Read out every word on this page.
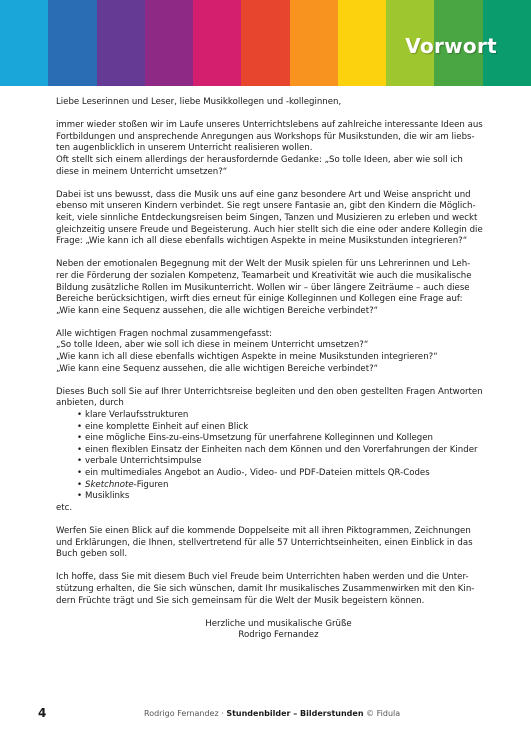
Vorwort

Liebe Leserinnen und Leser, liebe Musikkollegen und -kolleginnen,

immer wieder stoßen wir im Laufe unseres Unterrichtslebens auf zahlreiche interessante Ideen aus
Fortbildungen und ansprechende Anregungen aus Workshops für Musikstunden, die wir am liebs-
ten augenblicklich in unserem Unterricht realisieren wollen.
Oft stellt sich einem allerdings der herausfordernde Gedanke: „So tolle Ideen, aber wie soll ich
diese in meinem Unterricht umsetzen?“

Dabei ist uns bewusst, dass die Musik uns auf eine ganz besondere Art und Weise anspricht und
ebenso mit unseren Kindern verbindet. Sie regt unsere Fantasie an, gibt den Kindern die Möglich-
keit, viele sinnliche Entdeckungsreisen beim Singen, Tanzen und Musizieren zu erleben und weckt
gleichzeitig unsere Freude und Begeisterung. Auch hier stellt sich die eine oder andere Kollegin die
Frage: „Wie kann ich all diese ebenfalls wichtigen Aspekte in meine Musikstunden integrieren?“

Neben der emotionalen Begegnung mit der Welt der Musik spielen für uns Lehrerinnen und Leh-
rer die Förderung der sozialen Kompetenz, Teamarbeit und Kreativität wie auch die musikalische
Bildung zusätzliche Rollen im Musikunterricht. Wollen wir – über längere Zeiträume – auch diese
Bereiche berücksichtigen, wirft dies erneut für einige Kolleginnen und Kollegen eine Frage auf:
„Wie kann eine Sequenz aussehen, die alle wichtigen Bereiche verbindet?“

Alle wichtigen Fragen nochmal zusammengefasst:
„So tolle Ideen, aber wie soll ich diese in meinem Unterricht umsetzen?“
„Wie kann ich all diese ebenfalls wichtigen Aspekte in meine Musikstunden integrieren?“
„Wie kann eine Sequenz aussehen, die alle wichtigen Bereiche verbindet?“

Dieses Buch soll Sie auf Ihrer Unterrichtsreise begleiten und den oben gestellten Fragen Antworten
anbieten, durch
• klare Verlaufsstrukturen
• eine komplette Einheit auf einen Blick
• eine mögliche Eins-zu-eins-Umsetzung für unerfahrene Kolleginnen und Kollegen
• einen flexiblen Einsatz der Einheiten nach dem Können und den Vorerfahrungen der Kinder
• verbale Unterrichtsimpulse
• ein multimediales Angebot an Audio-, Video- und PDF-Dateien mittels QR-Codes
• Sketchnote-Figuren
• Musiklinks

etc.

Werfen Sie einen Blick auf die kommende Doppelseite mit all ihren Piktogrammen, Zeichnungen
und Erklärungen, die Ihnen, stellvertretend für alle 57 Unterrichtseinheiten, einen Einblick in das
Buch geben soll.

Ich hoffe, dass Sie mit diesem Buch viel Freude beim Unterrichten haben werden und die Unter-
stützung erhalten, die Sie sich wünschen, damit Ihr musikalisches Zusammenwirken mit den Kin-
dern Früchte trägt und Sie sich gemeinsam für die Welt der Musik begeistern können.

Herzliche und musikalische Grüße
Rodrigo Fernandez
4	Rodrigo Fernandez · Stundenbilder – Bilderstunden © Fidula
